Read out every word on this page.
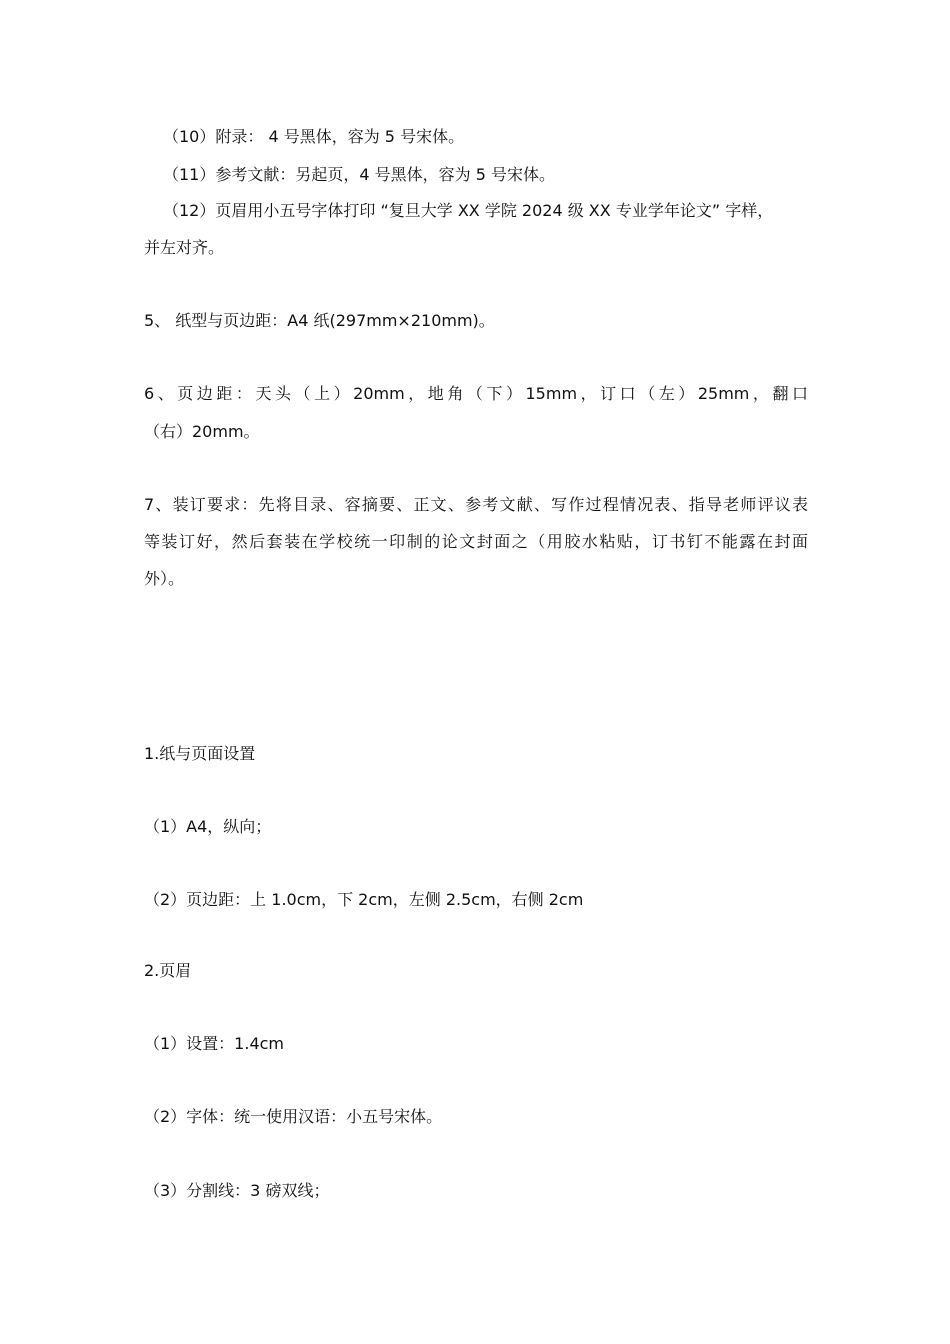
（10）附录： 4 号黑体，容为 5 号宋体。
（11）参考文献：另起页，4 号黑体，容为 5 号宋体。
（12）页眉用小五号字体打印 “复旦大学 XX 学院 2024 级 XX 专业学年论文” 字样，
并左对齐。
5、 纸型与页边距：A4 纸(297mm×210mm)。
6、页边距：天头（上）20mm，地角（下）15mm，订口（左）25mm，翻口
（右）20mm。
7、装订要求：先将目录、容摘要、正文、参考文献、写作过程情况表、指导老师评议表
等装订好，然后套装在学校统一印制的论文封面之（用胶水粘贴，订书钉不能露在封面
外）。
1.纸与页面设置
（1）A4，纵向；
（2）页边距：上 1.0cm，下 2cm，左侧 2.5cm，右侧 2cm
2.页眉
（1）设置：1.4cm
（2）字体：统一使用汉语：小五号宋体。
（3）分割线：3 磅双线；
